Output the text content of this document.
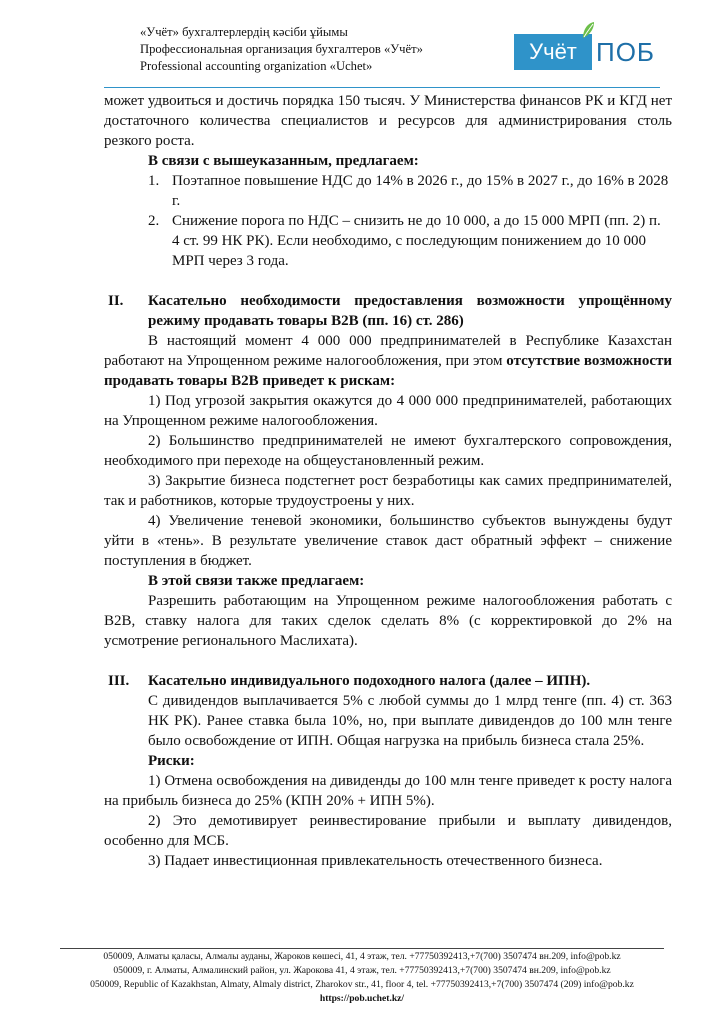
«Учёт» бухгалтерлердің кәсіби ұйымы
Профессиональная организация бухгалтеров «Учёт»
Professional accounting organization «Uchet»
Учёт ПОБ

может удвоиться и достичь порядка 150 тысяч. У Министерства финансов РК и КГД нет достаточного количества специалистов и ресурсов для администрирования столь резкого роста.

В связи с вышеуказанным, предлагаем:

1. Поэтапное повышение НДС до 14% в 2026 г., до 15% в 2027 г., до 16% в 2028 г.
2. Снижение порога по НДС – снизить не до 10 000, а до 15 000 МРП (пп. 2) п. 4 ст. 99 НК РК). Если необходимо, с последующим понижением до 10 000 МРП через 3 года.
II. Касательно необходимости предоставления возможности упрощённому режиму продавать товары B2B (пп. 16) ст. 286)

В настоящий момент 4 000 000 предпринимателей в Республике Казахстан работают на Упрощенном режиме налогообложения, при этом отсутствие возможности продавать товары B2B приведет к рискам:

1) Под угрозой закрытия окажутся до 4 000 000 предпринимателей, работающих на Упрощенном режиме налогообложения.

2) Большинство предпринимателей не имеют бухгалтерского сопровождения, необходимого при переходе на общеустановленный режим.

3) Закрытие бизнеса подстегнет рост безработицы как самих предпринимателей, так и работников, которые трудоустроены у них.

4) Увеличение теневой экономики, большинство субъектов вынуждены будут уйти в «тень». В результате увеличение ставок даст обратный эффект – снижение поступления в бюджет.

В этой связи также предлагаем:

Разрешить работающим на Упрощенном режиме налогообложения работать с B2B, ставку налога для таких сделок сделать 8% (с корректировкой до 2% на усмотрение регионального Маслихата).

III. Касательно индивидуального подоходного налога (далее – ИПН).

С дивидендов выплачивается 5% с любой суммы до 1 млрд тенге (пп. 4) ст. 363 НК РК). Ранее ставка была 10%, но, при выплате дивидендов до 100 млн тенге было освобождение от ИПН. Общая нагрузка на прибыль бизнеса стала 25%.

Риски:

1) Отмена освобождения на дивиденды до 100 млн тенге приведет к росту налога на прибыль бизнеса до 25% (КПН 20% + ИПН 5%).

2) Это демотивирует реинвестирование прибыли и выплату дивидендов, особенно для МСБ.

3) Падает инвестиционная привлекательность отечественного бизнеса.

050009, Алматы қаласы, Алмалы ауданы, Жароков көшесі, 41, 4 этаж, тел. +77750392413,+7(700) 3507474 вн.209, info@pob.kz
050009, г. Алматы, Алмалинский район, ул. Жарокова 41, 4 этаж, тел. +77750392413,+7(700) 3507474 вн.209, info@pob.kz
050009, Republic of Kazakhstan, Almaty, Almaly district, Zharokov str., 41, floor 4, tel. +77750392413,+7(700) 3507474 (209) info@pob.kz
https://pob.uchet.kz/
